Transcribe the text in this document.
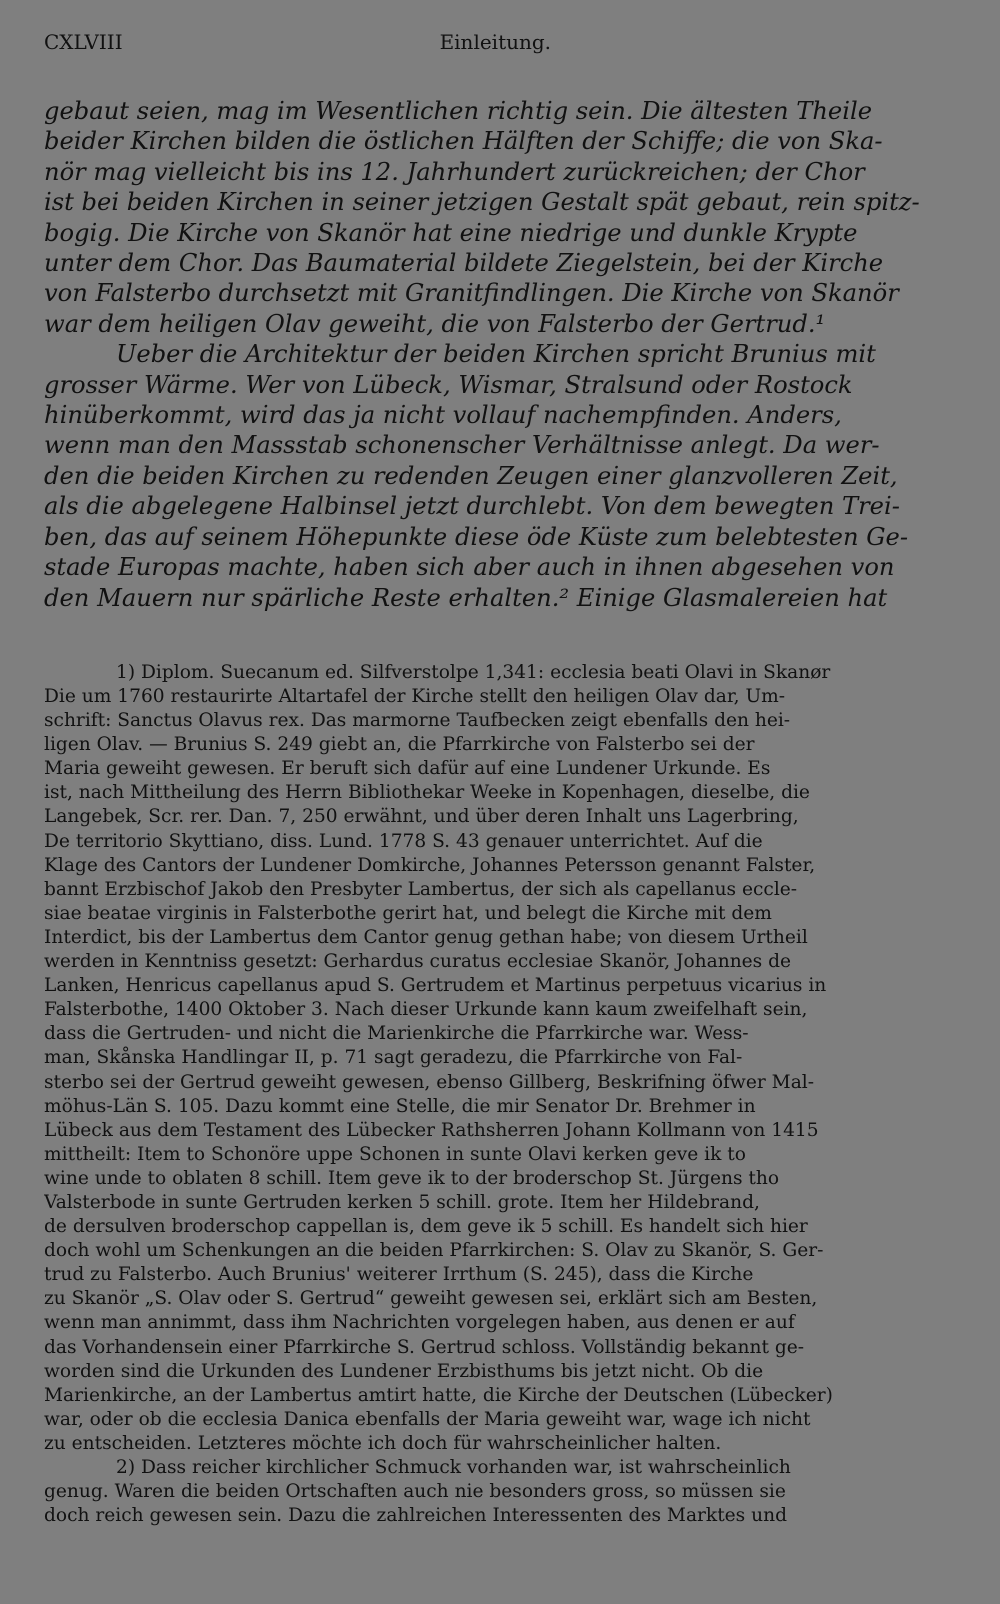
CXLVIII	Einleitung.
gebaut seien, mag im Wesentlichen richtig sein. Die ältesten Theile
beider Kirchen bilden die östlichen Hälften der Schiffe; die von Ska-
nör mag vielleicht bis ins 12. Jahrhundert zurückreichen; der Chor
ist bei beiden Kirchen in seiner jetzigen Gestalt spät gebaut, rein spitz-
bogig. Die Kirche von Skanör hat eine niedrige und dunkle Krypte
unter dem Chor. Das Baumaterial bildete Ziegelstein, bei der Kirche
von Falsterbo durchsetzt mit Granitfindlingen. Die Kirche von Skanör
war dem heiligen Olav geweiht, die von Falsterbo der Gertrud.¹
Ueber die Architektur der beiden Kirchen spricht Brunius mit
grosser Wärme. Wer von Lübeck, Wismar, Stralsund oder Rostock
hinüberkommt, wird das ja nicht vollauf nachempfinden. Anders,
wenn man den Massstab schonenscher Verhältnisse anlegt. Da wer-
den die beiden Kirchen zu redenden Zeugen einer glanzvolleren Zeit,
als die abgelegene Halbinsel jetzt durchlebt. Von dem bewegten Trei-
ben, das auf seinem Höhepunkte diese öde Küste zum belebtesten Ge-
stade Europas machte, haben sich aber auch in ihnen abgesehen von
den Mauern nur spärliche Reste erhalten.² Einige Glasmalereien hat
1) Diplom. Suecanum ed. Silfverstolpe 1,341: ecclesia beati Olavi in Skanør
Die um 1760 restaurirte Altartafel der Kirche stellt den heiligen Olav dar, Um-
schrift: Sanctus Olavus rex. Das marmorne Taufbecken zeigt ebenfalls den hei-
ligen Olav. — Brunius S. 249 giebt an, die Pfarrkirche von Falsterbo sei der
Maria geweiht gewesen. Er beruft sich dafür auf eine Lundener Urkunde. Es
ist, nach Mittheilung des Herrn Bibliothekar Weeke in Kopenhagen, dieselbe, die
Langebek, Scr. rer. Dan. 7, 250 erwähnt, und über deren Inhalt uns Lagerbring,
De territorio Skyttiano, diss. Lund. 1778 S. 43 genauer unterrichtet. Auf die
Klage des Cantors der Lundener Domkirche, Johannes Petersson genannt Falster,
bannt Erzbischof Jakob den Presbyter Lambertus, der sich als capellanus eccle-
siae beatae virginis in Falsterbothe gerirt hat, und belegt die Kirche mit dem
Interdict, bis der Lambertus dem Cantor genug gethan habe; von diesem Urtheil
werden in Kenntniss gesetzt: Gerhardus curatus ecclesiae Skanör, Johannes de
Lanken, Henricus capellanus apud S. Gertrudem et Martinus perpetuus vicarius in
Falsterbothe, 1400 Oktober 3. Nach dieser Urkunde kann kaum zweifelhaft sein,
dass die Gertruden- und nicht die Marienkirche die Pfarrkirche war. Wess-
man, Skånska Handlingar II, p. 71 sagt geradezu, die Pfarrkirche von Fal-
sterbo sei der Gertrud geweiht gewesen, ebenso Gillberg, Beskrifning öfwer Mal-
möhus-Län S. 105. Dazu kommt eine Stelle, die mir Senator Dr. Brehmer in
Lübeck aus dem Testament des Lübecker Rathsherren Johann Kollmann von 1415
mittheilt: Item to Schonöre uppe Schonen in sunte Olavi kerken geve ik to
wine unde to oblaten 8 schill. Item geve ik to der broderschop St. Jürgens tho
Valsterbode in sunte Gertruden kerken 5 schill. grote. Item her Hildebrand,
de dersulven broderschop cappellan is, dem geve ik 5 schill. Es handelt sich hier
doch wohl um Schenkungen an die beiden Pfarrkirchen: S. Olav zu Skanör, S. Ger-
trud zu Falsterbo. Auch Brunius' weiterer Irrthum (S. 245), dass die Kirche
zu Skanör „S. Olav oder S. Gertrud“ geweiht gewesen sei, erklärt sich am Besten,
wenn man annimmt, dass ihm Nachrichten vorgelegen haben, aus denen er auf
das Vorhandensein einer Pfarrkirche S. Gertrud schloss. Vollständig bekannt ge-
worden sind die Urkunden des Lundener Erzbisthums bis jetzt nicht. Ob die
Marienkirche, an der Lambertus amtirt hatte, die Kirche der Deutschen (Lübecker)
war, oder ob die ecclesia Danica ebenfalls der Maria geweiht war, wage ich nicht
zu entscheiden. Letzteres möchte ich doch für wahrscheinlicher halten.
2) Dass reicher kirchlicher Schmuck vorhanden war, ist wahrscheinlich
genug. Waren die beiden Ortschaften auch nie besonders gross, so müssen sie
doch reich gewesen sein. Dazu die zahlreichen Interessenten des Marktes und
